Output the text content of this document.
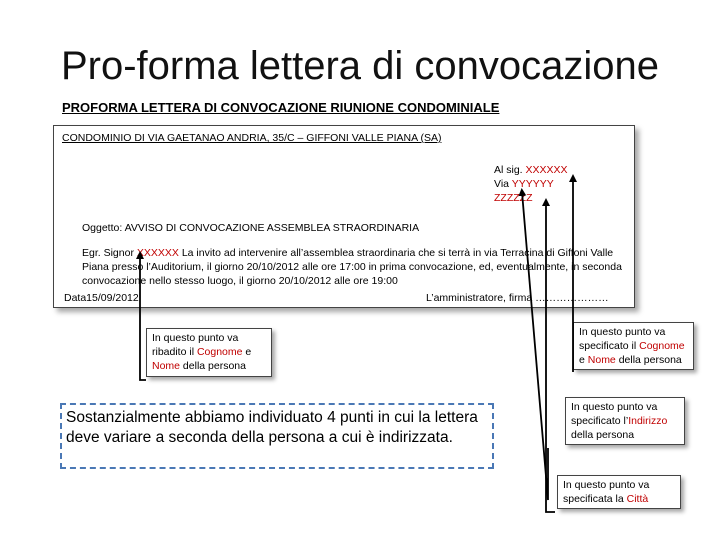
Pro-forma lettera di convocazione
PROFORMA LETTERA DI CONVOCAZIONE RIUNIONE CONDOMINIALE
CONDOMINIO DI VIA GAETANAO ANDRIA, 35/C – GIFFONI VALLE PIANA (SA)
Al sig. XXXXXX
Via YYYYYY
ZZZZZZ
Oggetto: AVVISO DI CONVOCAZIONE ASSEMBLEA STRAORDINARIA
Egr. Signor XXXXXX La invito ad intervenire all’assemblea straordinaria che si terrà in via Terracina di Giffoni Valle Piana presso l’Auditorium, il giorno 20/10/2012 alle ore 17:00 in prima convocazione, ed, eventualmente, in seconda convocazione nello stesso luogo, il giorno 20/10/2012 alle ore 19:00
Data15/09/2012	L’amministratore, firma …………………
In questo punto va ribadito il Cognome e Nome della persona
In questo punto va specificato il Cognome e Nome della persona
In questo punto va specificato l’Indirizzo della persona
In questo punto va specificata la Città
Sostanzialmente abbiamo individuato 4 punti in cui la lettera deve variare a seconda della persona a cui è indirizzata.
